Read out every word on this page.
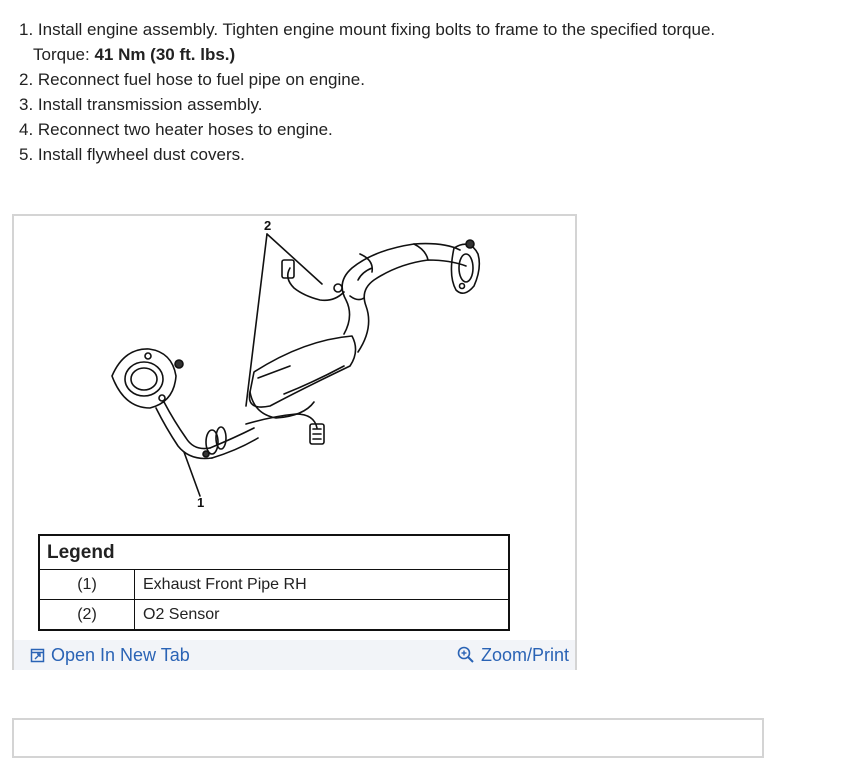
1. Install engine assembly. Tighten engine mount fixing bolts to frame to the specified torque.
Torque: 41 Nm (30 ft. lbs.)
2. Reconnect fuel hose to fuel pipe on engine.
3. Install transmission assembly.
4. Reconnect two heater hoses to engine.
5. Install flywheel dust covers.
2
1
Legend	
(1)	Exhaust Front Pipe RH
(2)	O2 Sensor
Open In New Tab	Zoom/Print
